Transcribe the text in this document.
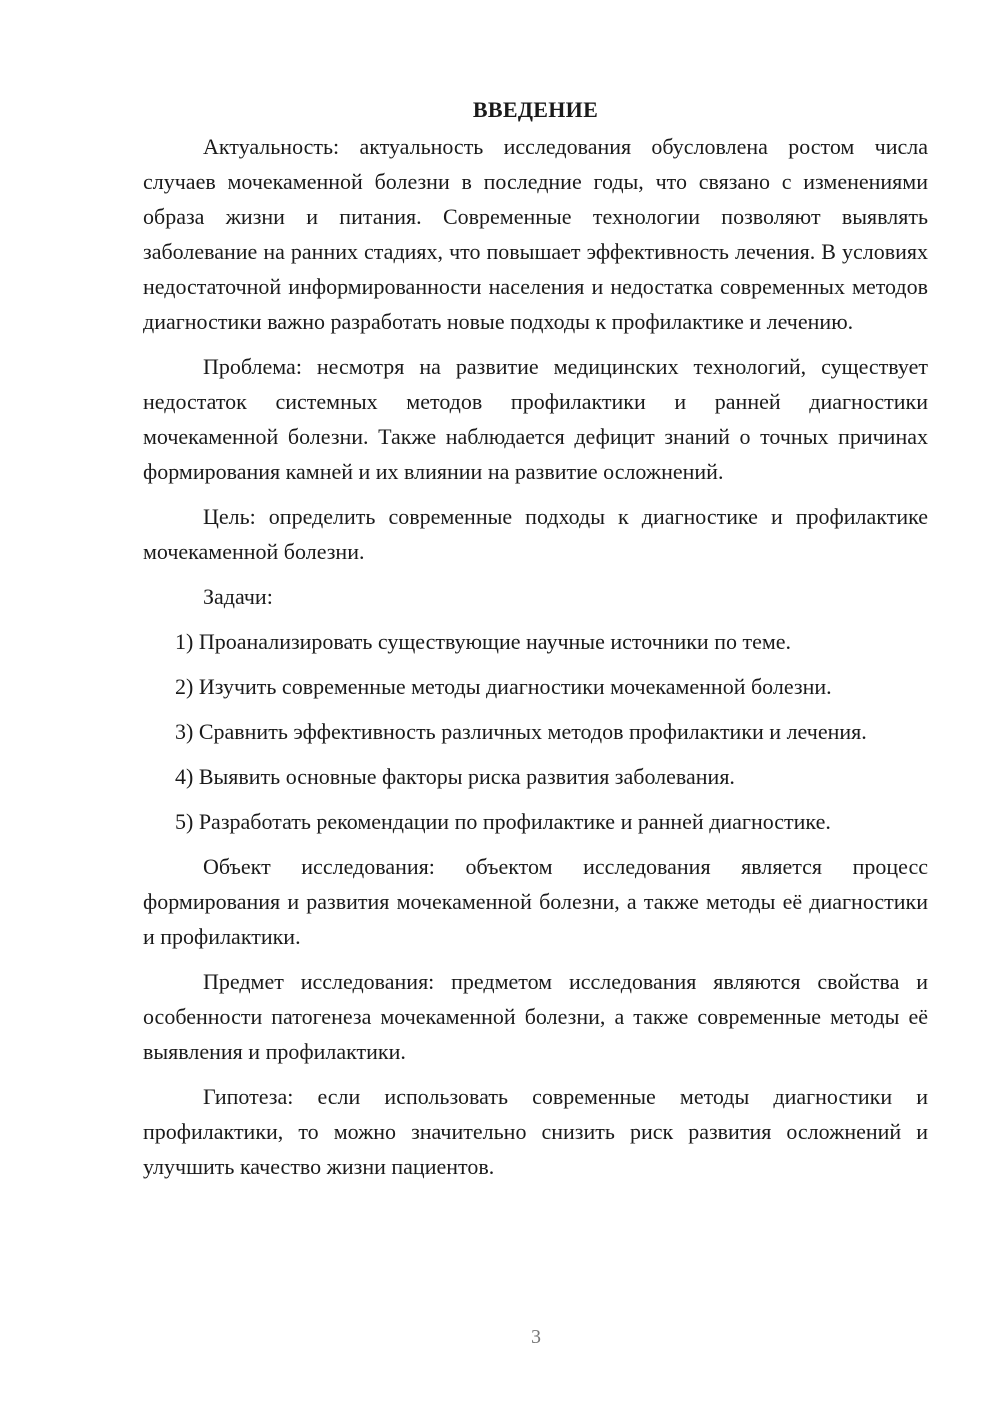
ВВЕДЕНИЕ

Актуальность: актуальность исследования обусловлена ростом числа случаев мочекаменной болезни в последние годы, что связано с изменениями образа жизни и питания. Современные технологии позволяют выявлять заболевание на ранних стадиях, что повышает эффективность лечения. В условиях недостаточной информированности населения и недостатка современных методов диагностики важно разработать новые подходы к профилактике и лечению.

Проблема: несмотря на развитие медицинских технологий, существует недостаток системных методов профилактики и ранней диагностики мочекаменной болезни. Также наблюдается дефицит знаний о точных причинах формирования камней и их влиянии на развитие осложнений.

Цель: определить современные подходы к диагностике и профилактике мочекаменной болезни.

Задачи:

1) Проанализировать существующие научные источники по теме.

2) Изучить современные методы диагностики мочекаменной болезни.

3) Сравнить эффективность различных методов профилактики и лечения.

4) Выявить основные факторы риска развития заболевания.

5) Разработать рекомендации по профилактике и ранней диагностике.

Объект исследования: объектом исследования является процесс формирования и развития мочекаменной болезни, а также методы её диагностики и профилактики.

Предмет исследования: предметом исследования являются свойства и особенности патогенеза мочекаменной болезни, а также современные методы её выявления и профилактики.

Гипотеза: если использовать современные методы диагностики и профилактики, то можно значительно снизить риск развития осложнений и улучшить качество жизни пациентов.

3
